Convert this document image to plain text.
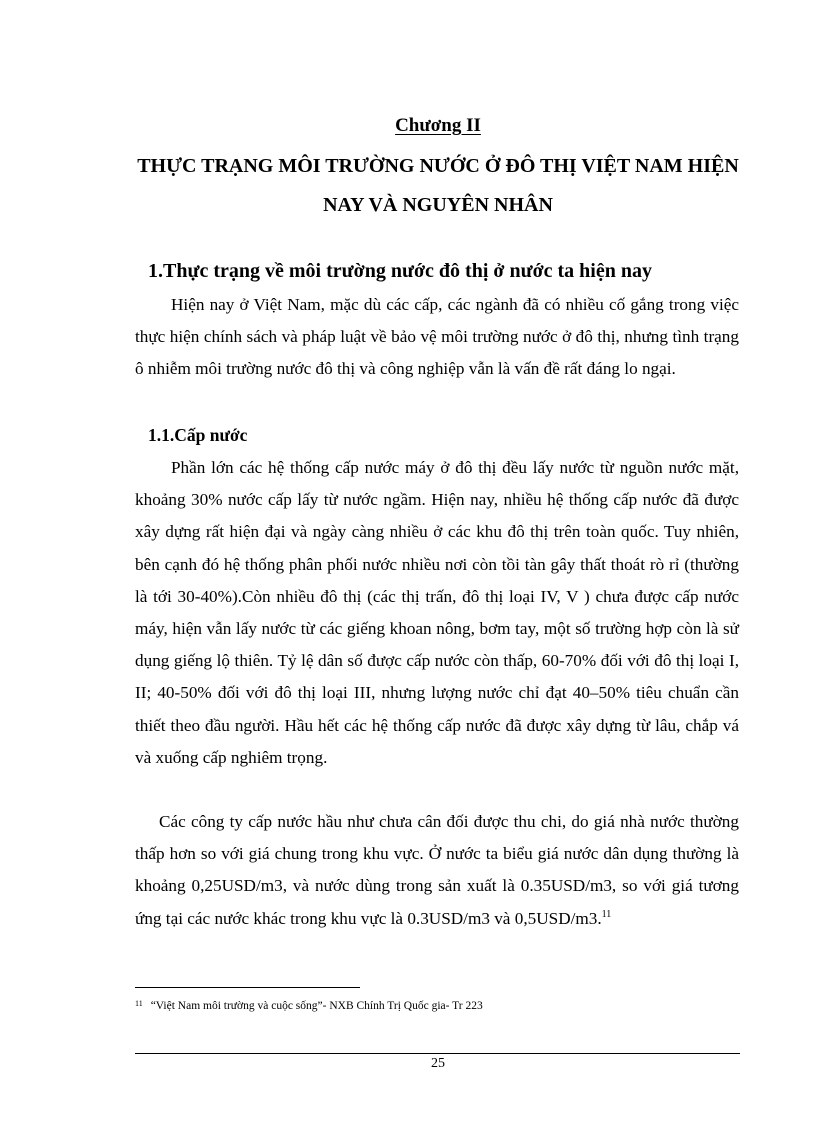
Chương II
THỰC TRẠNG MÔI TRƯỜNG NƯỚC Ở ĐÔ THỊ VIỆT NAM HIỆN NAY VÀ NGUYÊN NHÂN
1.Thực trạng về môi trường nước đô thị ở nước ta hiện nay

Hiện nay ở Việt Nam, mặc dù các cấp, các ngành đã có nhiều cố gắng trong việc thực hiện chính sách và pháp luật về bảo vệ môi trường nước ở đô thị, nhưng tình trạng ô nhiễm môi trường nước đô thị và công nghiệp vẫn là vấn đề rất đáng lo ngại.

1.1.Cấp nước

Phần lớn các hệ thống cấp nước máy ở đô thị đều lấy nước từ nguồn nước mặt, khoảng 30% nước cấp lấy từ nước ngầm. Hiện nay, nhiều hệ thống cấp nước đã được xây dựng rất hiện đại và ngày càng nhiều ở các khu đô thị trên toàn quốc. Tuy nhiên, bên cạnh đó hệ thống phân phối nước nhiều nơi còn tồi tàn gây thất thoát rò rỉ (thường là tới 30-40%).Còn nhiều đô thị (các thị trấn, đô thị loại IV, V ) chưa được cấp nước máy, hiện vẫn lấy nước từ các giếng khoan nông, bơm tay, một số trường hợp còn là sử dụng giếng lộ thiên. Tỷ lệ dân số được cấp nước còn thấp, 60-70% đối với đô thị loại I, II; 40-50% đối với đô thị loại III, nhưng lượng nước chỉ đạt 40–50% tiêu chuẩn cần thiết theo đầu người. Hầu hết các hệ thống cấp nước đã được xây dựng từ lâu, chắp vá và xuống cấp nghiêm trọng.

Các công ty cấp nước hầu như chưa cân đối được thu chi, do giá nhà nước thường thấp hơn so với giá chung trong khu vực. Ở nước ta biểu giá nước dân dụng thường là khoảng 0,25USD/m3, và nước dùng trong sản xuất là 0.35USD/m3, so với giá tương ứng tại các nước khác trong khu vực là 0.3USD/m3 và 0,5USD/m3.11

$^{11}$ “Việt Nam môi trường và cuộc sống”- NXB Chính Trị Quốc gia- Tr 223

25
